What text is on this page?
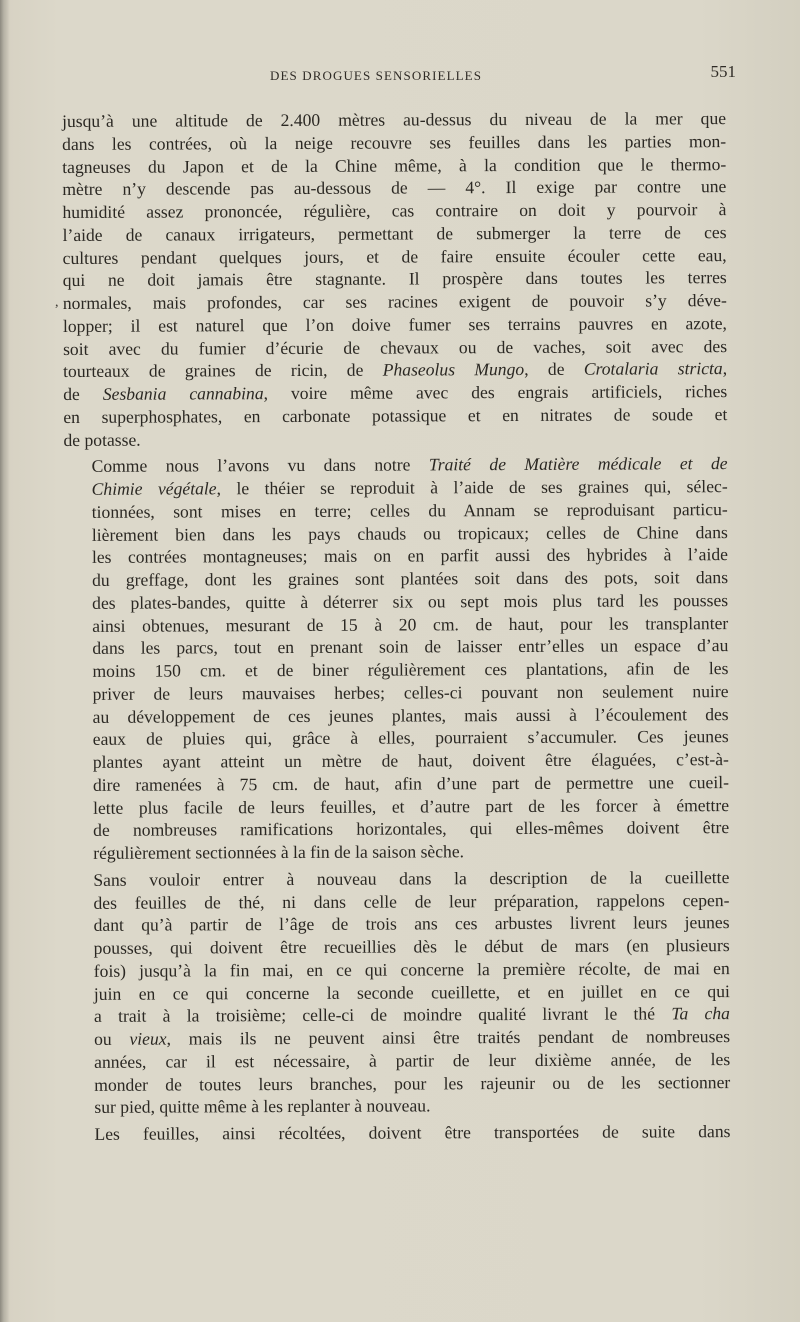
DES DROGUES SENSORIELLES	551
,

jusqu’à une altitude de 2.400 mètres au-dessus du niveau de la mer que
dans les contrées, où la neige recouvre ses feuilles dans les parties mon-
tagneuses du Japon et de la Chine même, à la condition que le thermo-
mètre n’y descende pas au-dessous de — 4°. Il exige par contre une
humidité assez prononcée, régulière, cas contraire on doit y pourvoir à
l’aide de canaux irrigateurs, permettant de submerger la terre de ces
cultures pendant quelques jours, et de faire ensuite écouler cette eau,
qui ne doit jamais être stagnante. Il prospère dans toutes les terres
normales, mais profondes, car ses racines exigent de pouvoir s’y déve-
lopper; il est naturel que l’on doive fumer ses terrains pauvres en azote,
soit avec du fumier d’écurie de chevaux ou de vaches, soit avec des
tourteaux de graines de ricin, de Phaseolus Mungo, de Crotalaria stricta,
de Sesbania cannabina, voire même avec des engrais artificiels, riches
en superphosphates, en carbonate potassique et en nitrates de soude et
de potasse.

Comme nous l’avons vu dans notre Traité de Matière médicale et de
Chimie végétale, le théier se reproduit à l’aide de ses graines qui, sélec-
tionnées, sont mises en terre; celles du Annam se reproduisant particu-
lièrement bien dans les pays chauds ou tropicaux; celles de Chine dans
les contrées montagneuses; mais on en parfit aussi des hybrides à l’aide
du greffage, dont les graines sont plantées soit dans des pots, soit dans
des plates-bandes, quitte à déterrer six ou sept mois plus tard les pousses
ainsi obtenues, mesurant de 15 à 20 cm. de haut, pour les transplanter
dans les parcs, tout en prenant soin de laisser entr’elles un espace d’au
moins 150 cm. et de biner régulièrement ces plantations, afin de les
priver de leurs mauvaises herbes; celles-ci pouvant non seulement nuire
au développement de ces jeunes plantes, mais aussi à l’écoulement des
eaux de pluies qui, grâce à elles, pourraient s’accumuler. Ces jeunes
plantes ayant atteint un mètre de haut, doivent être élaguées, c’est-à-
dire ramenées à 75 cm. de haut, afin d’une part de permettre une cueil-
lette plus facile de leurs feuilles, et d’autre part de les forcer à émettre
de nombreuses ramifications horizontales, qui elles-mêmes doivent être
régulièrement sectionnées à la fin de la saison sèche.

Sans vouloir entrer à nouveau dans la description de la cueillette
des feuilles de thé, ni dans celle de leur préparation, rappelons cepen-
dant qu’à partir de l’âge de trois ans ces arbustes livrent leurs jeunes
pousses, qui doivent être recueillies dès le début de mars (en plusieurs
fois) jusqu’à la fin mai, en ce qui concerne la première récolte, de mai en
juin en ce qui concerne la seconde cueillette, et en juillet en ce qui
a trait à la troisième; celle-ci de moindre qualité livrant le thé Ta cha
ou vieux, mais ils ne peuvent ainsi être traités pendant de nombreuses
années, car il est nécessaire, à partir de leur dixième année, de les
monder de toutes leurs branches, pour les rajeunir ou de les sectionner
sur pied, quitte même à les replanter à nouveau.

Les feuilles, ainsi récoltées, doivent être transportées de suite dans
